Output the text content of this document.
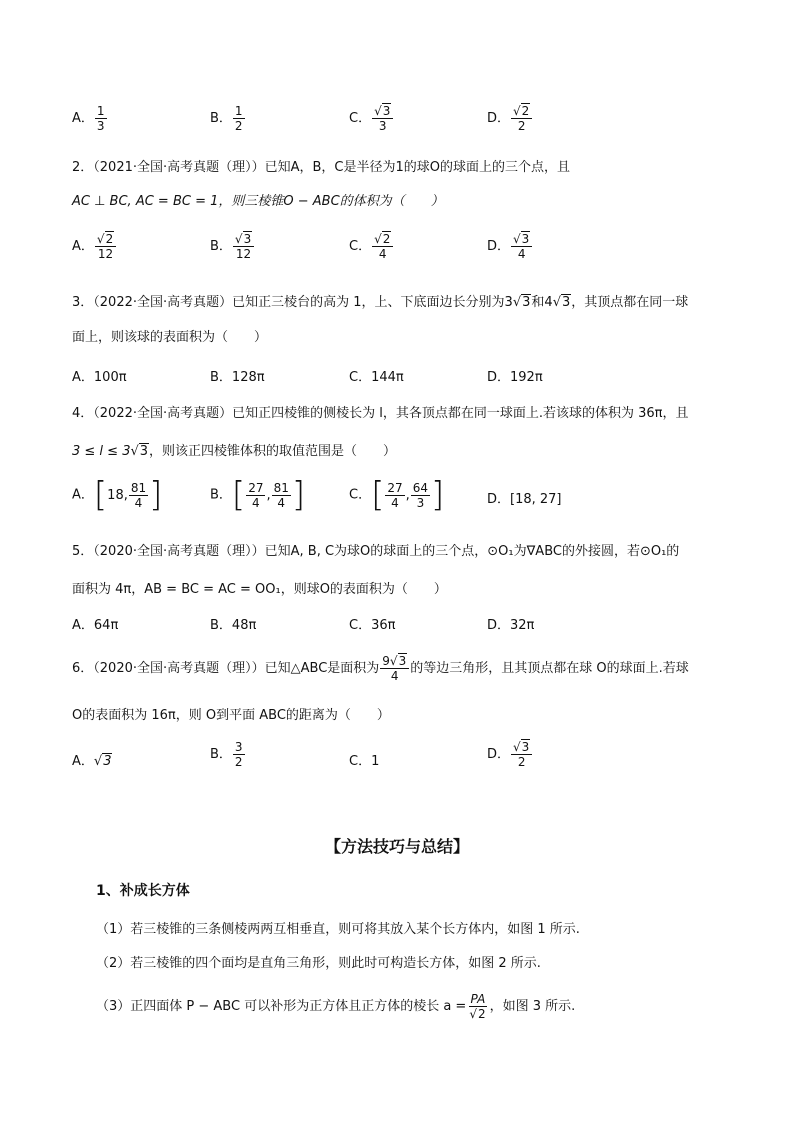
A． $\frac{1}{3}$	B． $\frac{1}{2}$	C． $\frac{√3}{3}$	D． $\frac{√2}{2}$
2．（2021·全国·高考真题（理））已知A，B，C是半径为1的球O的球面上的三个点，且
AC ⊥ BC, AC = BC = 1，则三棱锥O − ABC的体积为（　　）
A． $\frac{√2}{12}$	B． $\frac{√3}{12}$	C． $\frac{√2}{4}$	D． $\frac{√3}{4}$
3．（2022·全国·高考真题）已知正三棱台的高为 1，上、下底面边长分别为3√3和4√3，其顶点都在同一球
面上，则该球的表面积为（　　）
A．100π	B．128π	C．144π	D．192π
4．（2022·全国·高考真题）已知正四棱锥的侧棱长为 l，其各顶点都在同一球面上.若该球的体积为 36π，且
3 ≤ l ≤ 3√3，则该正四棱锥体积的取值范围是（　　）
A． [ 18, $\frac{81}{4}$ ]	B． [ $\frac{27}{4}$ , $\frac{81}{4}$ ]	C． [ $\frac{27}{4}$ , $\frac{64}{3}$ ]	D．[18, 27]
5．（2020·全国·高考真题（理））已知A, B, C为球O的球面上的三个点，⊙O₁为∇ABC的外接圆，若⊙O₁的
面积为 4π，AB = BC = AC = OO₁，则球O的表面积为（　　）
A．64π	B．48π	C．36π	D．32π
6．（2020·全国·高考真题（理））已知△ABC是面积为 $\frac{9√3}{4}$ 的等边三角形，且其顶点都在球 O的球面上.若球
O的表面积为 16π，则 O到平面 ABC的距离为（　　）
A．√3	B． $\frac{3}{2}$	C．1	D． $\frac{√3}{2}$
【方法技巧与总结】
1、补成长方体
（1）若三棱锥的三条侧棱两两互相垂直，则可将其放入某个长方体内，如图 1 所示.
（2）若三棱锥的四个面均是直角三角形，则此时可构造长方体，如图 2 所示.
（3）正四面体 P − ABC 可以补形为正方体且正方体的棱长 $a = \frac{PA}{√2}$ ，如图 3 所示.
